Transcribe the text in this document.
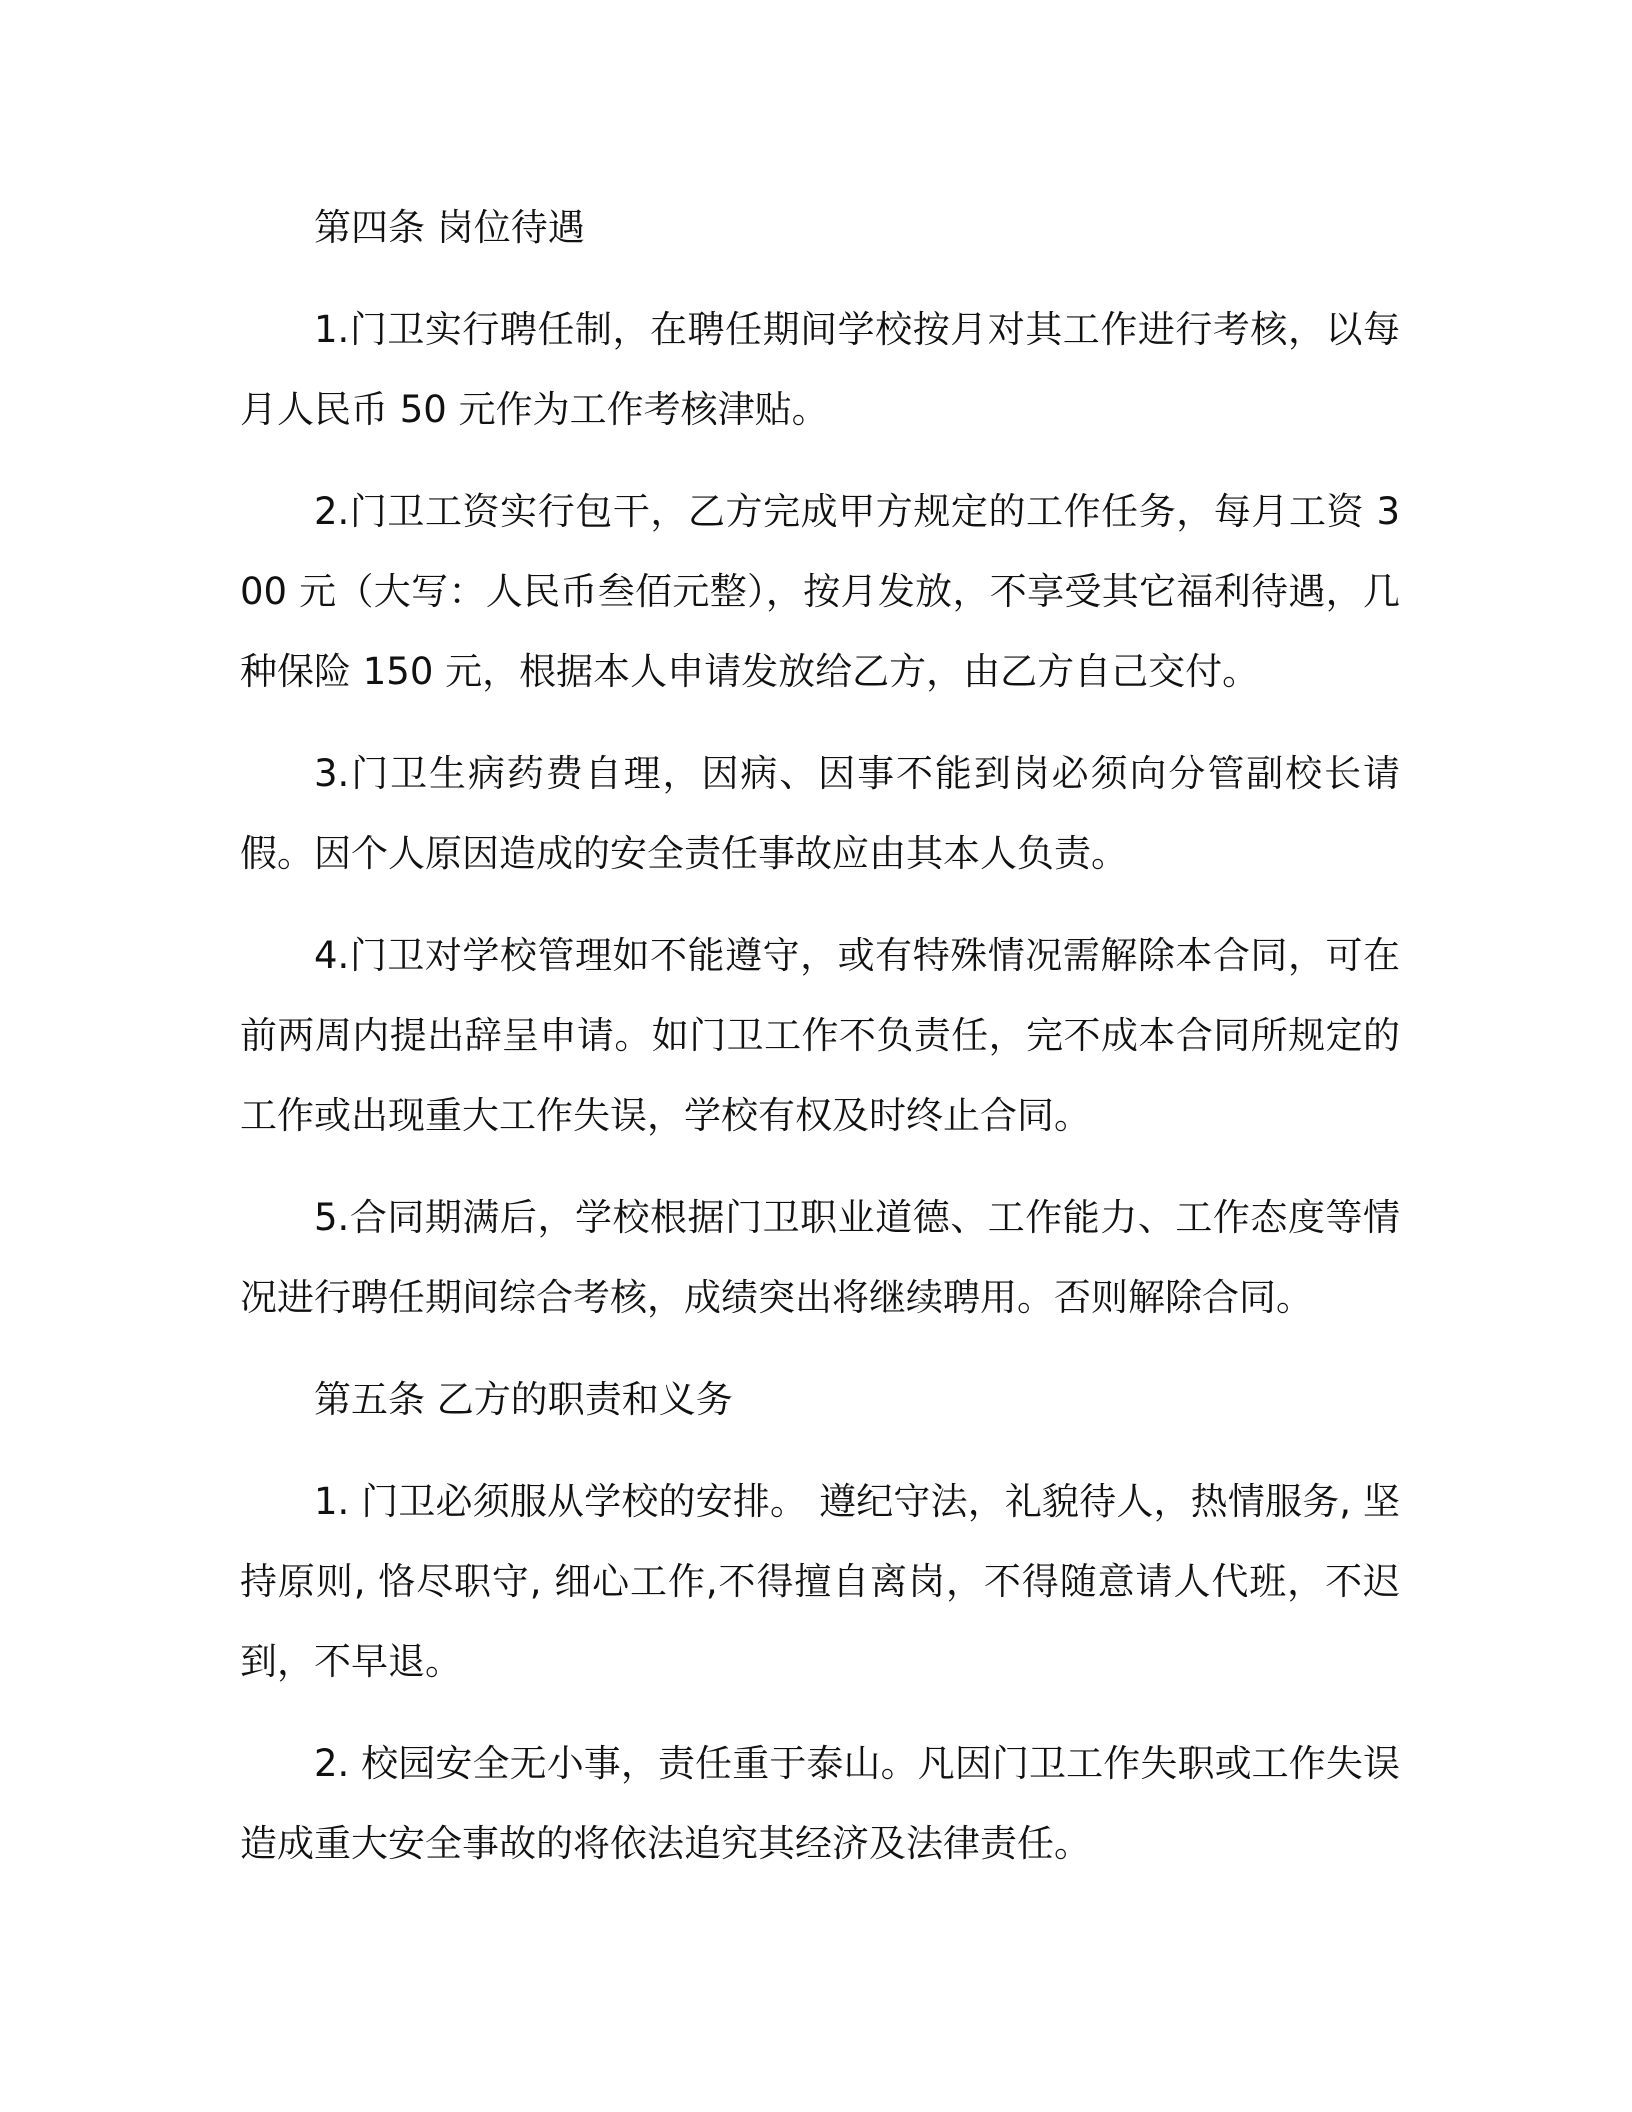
第四条 岗位待遇

1.门卫实行聘任制，在聘任期间学校按月对其工作进行考核，以每月人民币 50 元作为工作考核津贴。

2.门卫工资实行包干，乙方完成甲方规定的工作任务，每月工资 300 元（大写：人民币叁佰元整），按月发放，不享受其它福利待遇，几种保险 150 元，根据本人申请发放给乙方，由乙方自己交付。

3.门卫生病药费自理，因病、因事不能到岗必须向分管副校长请假。因个人原因造成的安全责任事故应由其本人负责。

4.门卫对学校管理如不能遵守，或有特殊情况需解除本合同，可在前两周内提出辞呈申请。如门卫工作不负责任，完不成本合同所规定的工作或出现重大工作失误，学校有权及时终止合同。

5.合同期满后，学校根据门卫职业道德、工作能力、工作态度等情况进行聘任期间综合考核，成绩突出将继续聘用。否则解除合同。

第五条 乙方的职责和义务

1. 门卫必须服从学校的安排。 遵纪守法，礼貌待人，热情服务, 坚持原则, 恪尽职守, 细心工作,不得擅自离岗，不得随意请人代班，不迟到，不早退。

2. 校园安全无小事，责任重于泰山。凡因门卫工作失职或工作失误造成重大安全事故的将依法追究其经济及法律责任。
